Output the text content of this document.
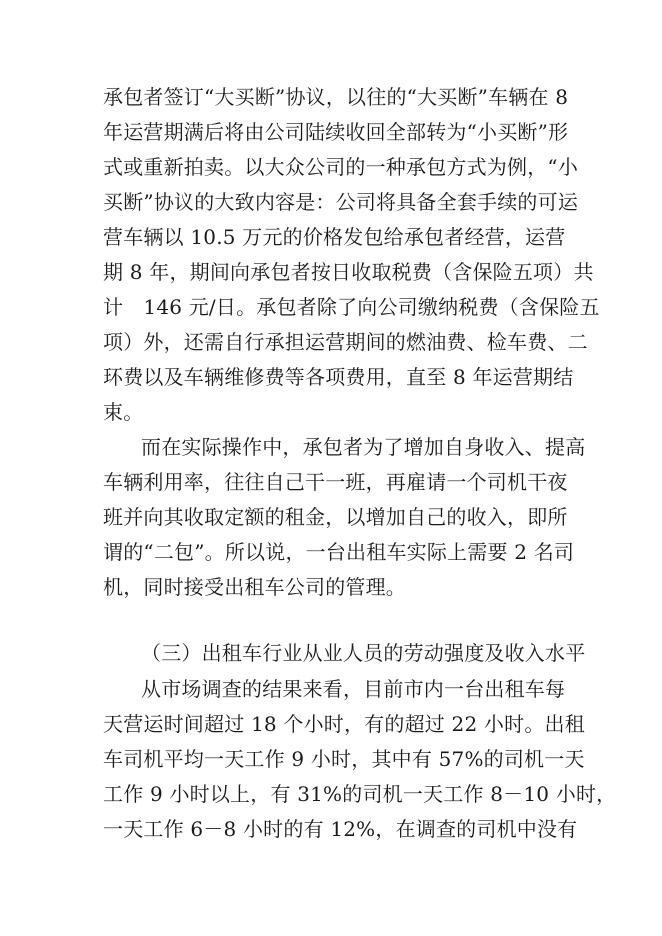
承包者签订“大买断”协议，以往的“大买断”车辆在 8
年运营期满后将由公司陆续收回全部转为“小买断”形
式或重新拍卖。以大众公司的一种承包方式为例，“小
买断”协议的大致内容是：公司将具备全套手续的可运
营车辆以 10.5 万元的价格发包给承包者经营，运营
期 8 年，期间向承包者按日收取税费（含保险五项）共
计　146 元/日。承包者除了向公司缴纳税费（含保险五
项）外，还需自行承担运营期间的燃油费、检车费、二
环费以及车辆维修费等各项费用，直至 8 年运营期结
束。
而在实际操作中，承包者为了增加自身收入、提高
车辆利用率，往往自己干一班，再雇请一个司机干夜
班并向其收取定额的租金，以增加自己的收入，即所
谓的“二包”。所以说，一台出租车实际上需要 2 名司
机，同时接受出租车公司的管理。
（三）出租车行业从业人员的劳动强度及收入水平
从市场调查的结果来看，目前市内一台出租车每
天营运时间超过 18 个小时，有的超过 22 小时。出租
车司机平均一天工作 9 小时，其中有 57%的司机一天
工作 9 小时以上，有 31%的司机一天工作 8－10 小时，
一天工作 6－8 小时的有 12%，在调查的司机中没有
